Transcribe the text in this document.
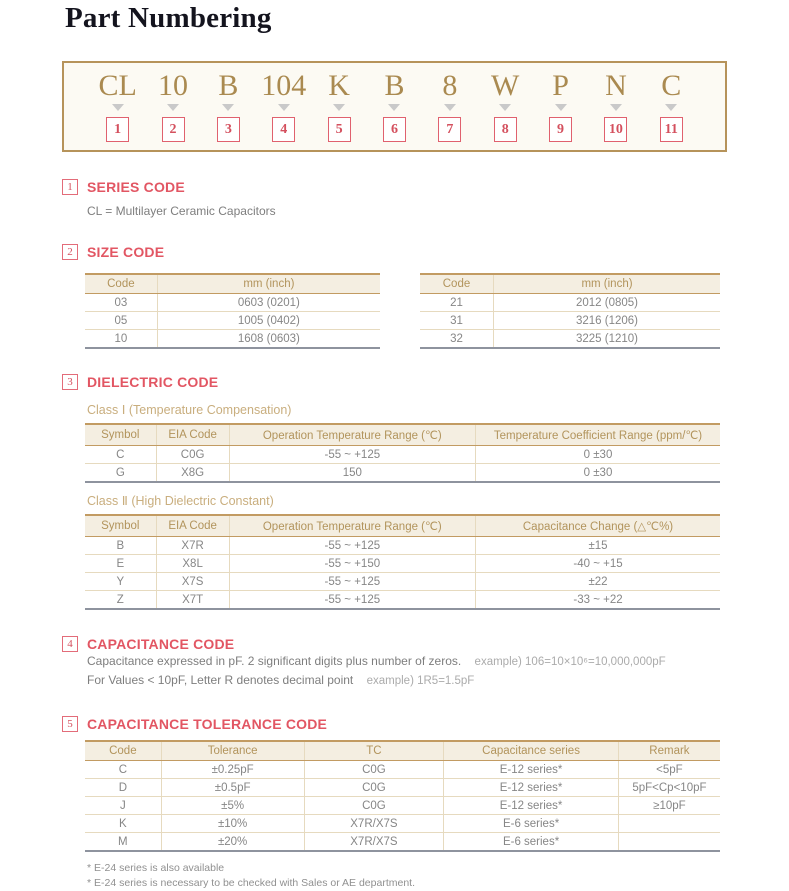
Part Numbering
CL
1
10
2
B
3
104
4
K
5
B
6
8
7
W
8
P
9
N
10
C
11
1	SERIES CODE
CL = Multilayer Ceramic Capacitors
2	SIZE CODE
Code	mm (inch)
03	0603 (0201)
05	1005 (0402)
10	1608 (0603)
Code	mm (inch)
21	2012 (0805)
31	3216 (1206)
32	3225 (1210)
3	DIELECTRIC CODE
Class Ⅰ (Temperature Compensation)
Symbol	EIA Code	Operation Temperature Range (℃)	Temperature Coefficient Range (ppm/℃)
C	C0G	-55 ~ +125	0 ±30
G	X8G	150	0 ±30
Class Ⅱ (High Dielectric Constant)
Symbol	EIA Code	Operation Temperature Range (℃)	Capacitance Change (△℃%)
B	X7R	-55 ~ +125	±15
E	X8L	-55 ~ +150	-40 ~ +15
Y	X7S	-55 ~ +125	±22
Z	X7T	-55 ~ +125	-33 ~ +22
4	CAPACITANCE CODE
Capacitance expressed in pF. 2 significant digits plus number of zeros. example) 106=10×10⁶=10,000,000pF
For Values < 10pF, Letter R denotes decimal point example) 1R5=1.5pF
5	CAPACITANCE TOLERANCE CODE
Code	Tolerance	TC	Capacitance series	Remark
C	±0.25pF	C0G	E-12 series*	<5pF
D	±0.5pF	C0G	E-12 series*	5pF<Cp<10pF
J	±5%	C0G	E-12 series*	≥10pF
K	±10%	X7R/X7S	E-6 series*	
M	±20%	X7R/X7S	E-6 series*	
* E-24 series is also available
* E-24 series is necessary to be checked with Sales or AE department.
